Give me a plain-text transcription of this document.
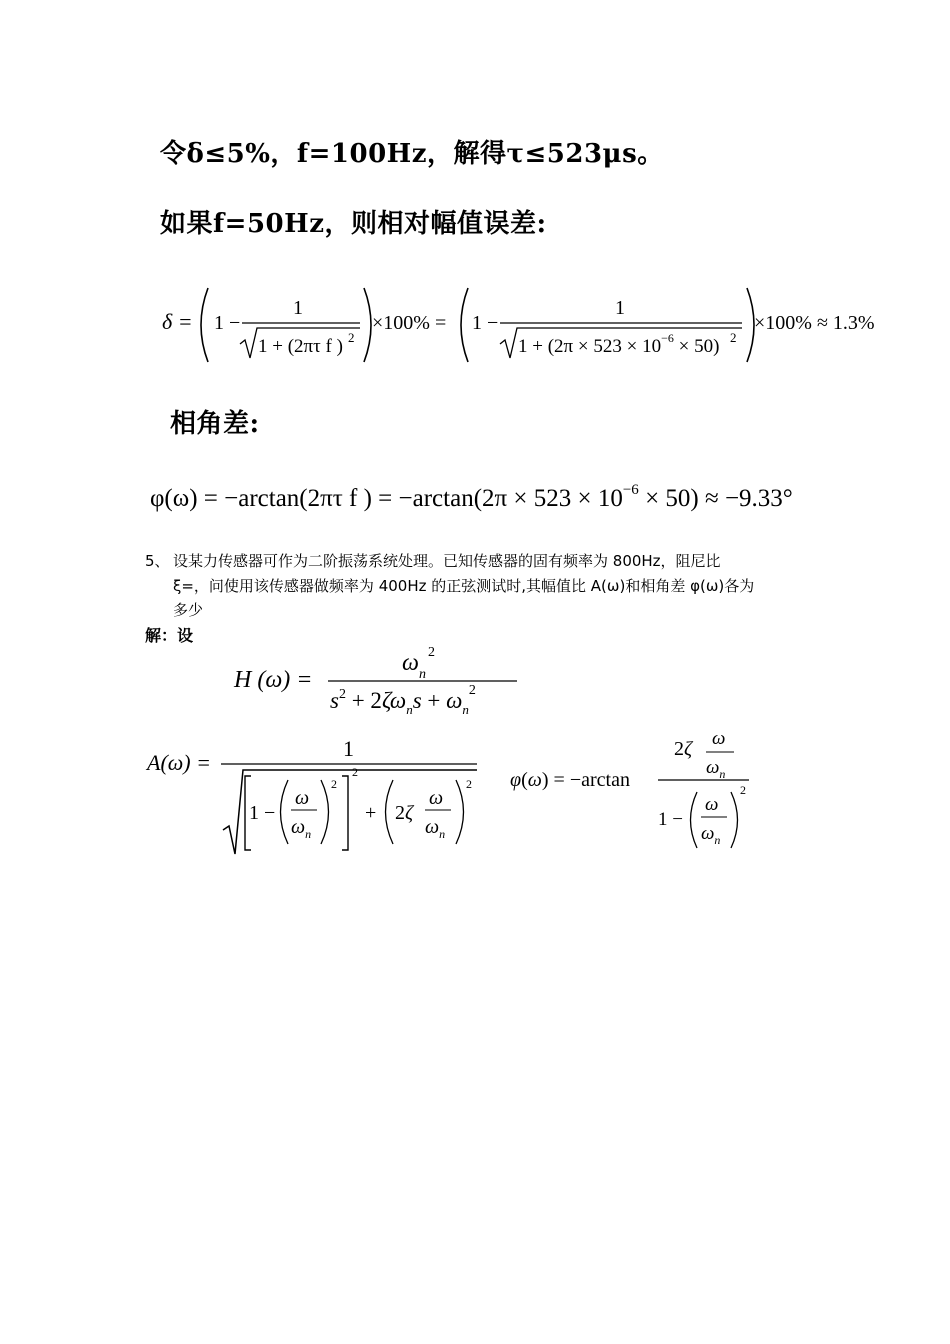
令δ≤5%，f=100Hz，解得τ≤523μs。
如果f=50Hz，则相对幅值误差:
δ = 1 −
1
1 + (2πτ f ) 2
×100% = 1 −
1
$1 + (2\pi \times 523 \times 10^{-6} \times 50)$ 2
×100% ≈ 1.3%
相角差:
φ(ω) = −arctan(2πτ f ) = $-\arctan(2\pi \times 523 \times 10^{-6} \times 50) \approx -9.33^\circ$
5、 设某力传感器可作为二阶振荡系统处理。已知传感器的固有频率为 800Hz，阻尼比
ξ=，问使用该传感器做频率为 400Hz 的正弦测试时,其幅值比 A(ω)和相角差 φ(ω)各为
多少
解：设
H (ω) =
$\omega_n^2$
$s^2 + 2\zeta\omega_ns + \omega_n^2$
A(ω) =
1
1 −
ω
$\omega_n$
2
2
+ 2ζ
ω
$\omega_n$
2 φ(ω) = −arctan
2ζ ω
$\omega_n$
1 −
ω
$\omega_n$
2
